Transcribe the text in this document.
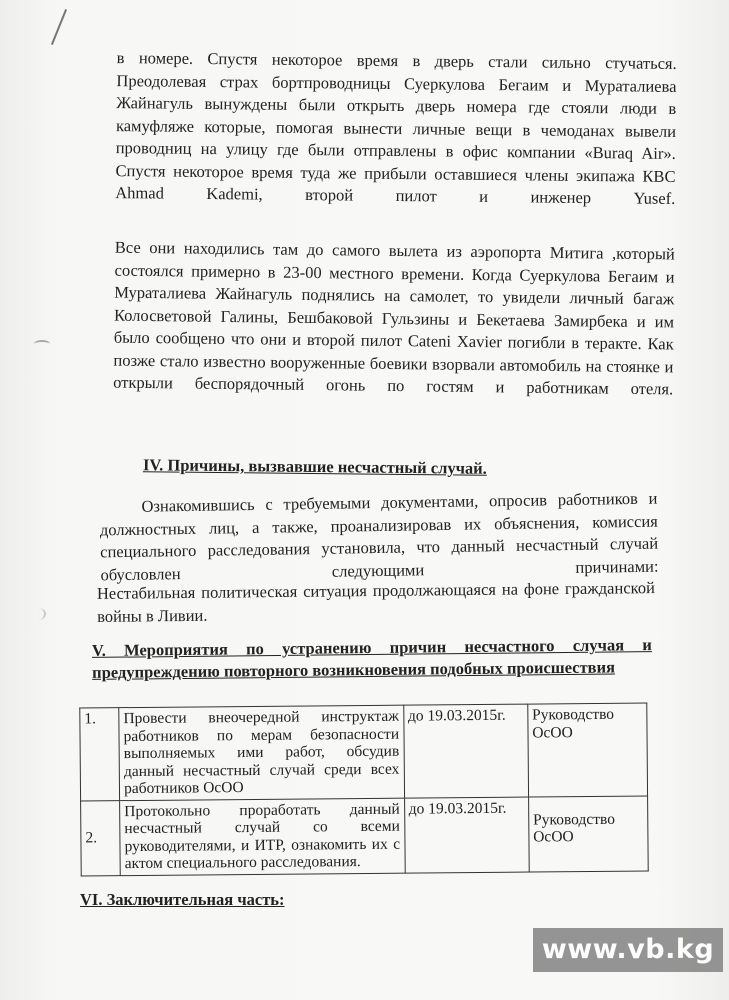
в номере. Спустя некоторое время в дверь стали сильно стучаться. Преодолевая страх бортпроводницы Суеркулова Бегаим и Мураталиева Жайнагуль вынуждены были открыть дверь номера где стояли люди в камуфляже которые, помогая вынести личные вещи в чемоданах вывели проводниц на улицу где были отправлены в офис компании «Buraq Air». Спустя некоторое время туда же прибыли оставшиеся члены экипажа КВС Ahmad Kademi, второй пилот и инженер Yusef.
Все они находились там до самого вылета из аэропорта Митига ,который состоялся примерно в 23-00 местного времени. Когда Суеркулова Бегаим и Мураталиева Жайнагуль поднялись на самолет, то увидели личный багаж Колосветовой Галины, Бешбаковой Гульзины и Бекетаева Замирбека и им было сообщено что они и второй пилот Cateni Xavier погибли в теракте. Как позже стало известно вооруженные боевики взорвали автомобиль на стоянке и открыли беспорядочный огонь по гостям и работникам отеля.
IV. Причины, вызвавшие несчастный случай.
Ознакомившись с требуемыми документами, опросив работников и должностных лиц, а также, проанализировав их объяснения, комиссия специального расследования установила, что данный несчастный случай обусловлен следующими причинами:
Нестабильная политическая ситуация продолжающаяся на фоне гражданской войны в Ливии.
V. Мероприятия по устранению причин несчастного случая и предупреждению повторного возникновения подобных происшествия
1.	Провести внеочередной инструктаж работников по мерам безопасности выполняемых ими работ, обсудив данный несчастный случай среди всех работников ОсОО	до 19.03.2015г.	Руководство ОсОО
2.	Протокольно проработать данный несчастный случай со всеми руководителями, и ИТР, ознакомить их с актом специального расследования.	до 19.03.2015г.	Руководство ОсОО
VI. Заключительная часть:
www.vb.kg
